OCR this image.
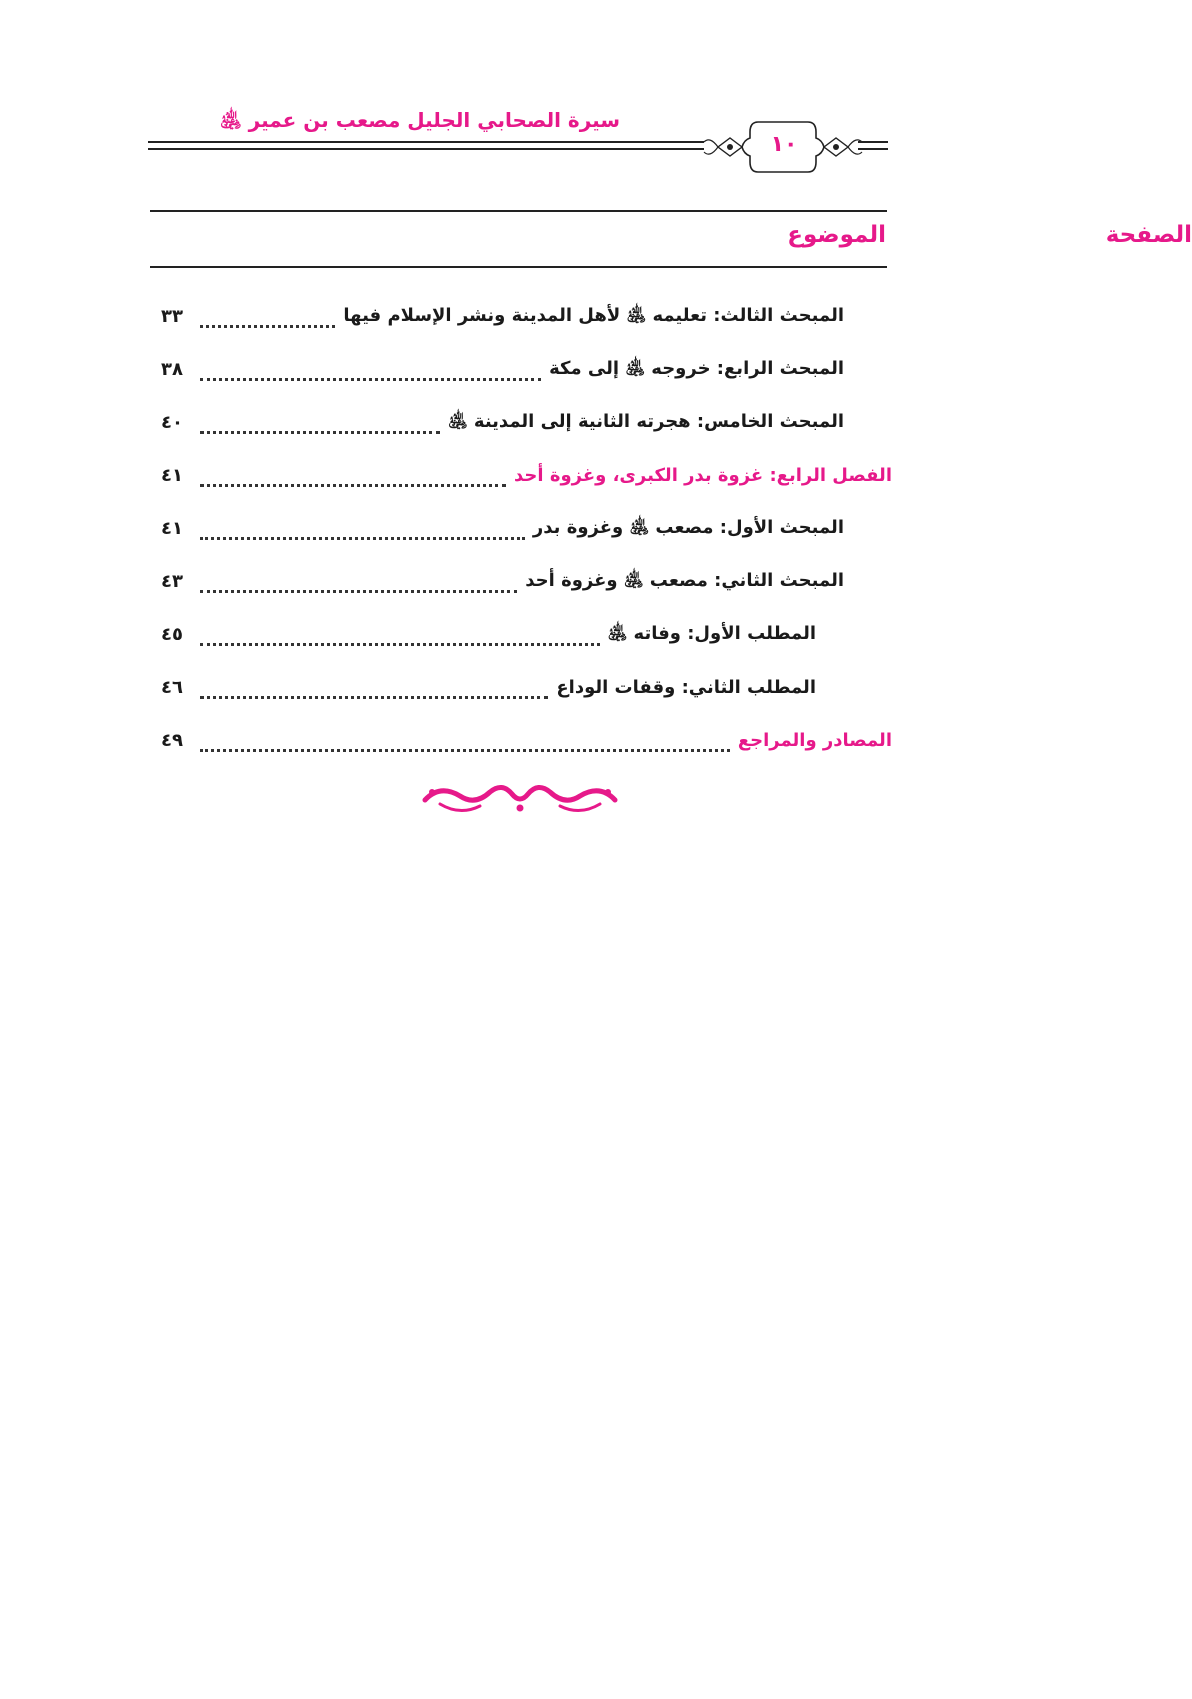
سيرة الصحابي الجليل مصعب بن عمير ﵁
١٠
الموضوع	الصفحة
المبحث الثالث: تعليمه ﵁ لأهل المدينة ونشر الإسلام فيها
٣٣
المبحث الرابع: خروجه ﵁ إلى مكة
٣٨
المبحث الخامس: هجرته الثانية إلى المدينة ﵁
٤٠
الفصل الرابع: غزوة بدر الكبرى، وغزوة أحد
٤١
المبحث الأول: مصعب ﵁ وغزوة بدر
٤١
المبحث الثاني: مصعب ﵁ وغزوة أحد
٤٣
المطلب الأول: وفاته ﵁
٤٥
المطلب الثاني: وقفات الوداع
٤٦
المصادر والمراجع
٤٩
